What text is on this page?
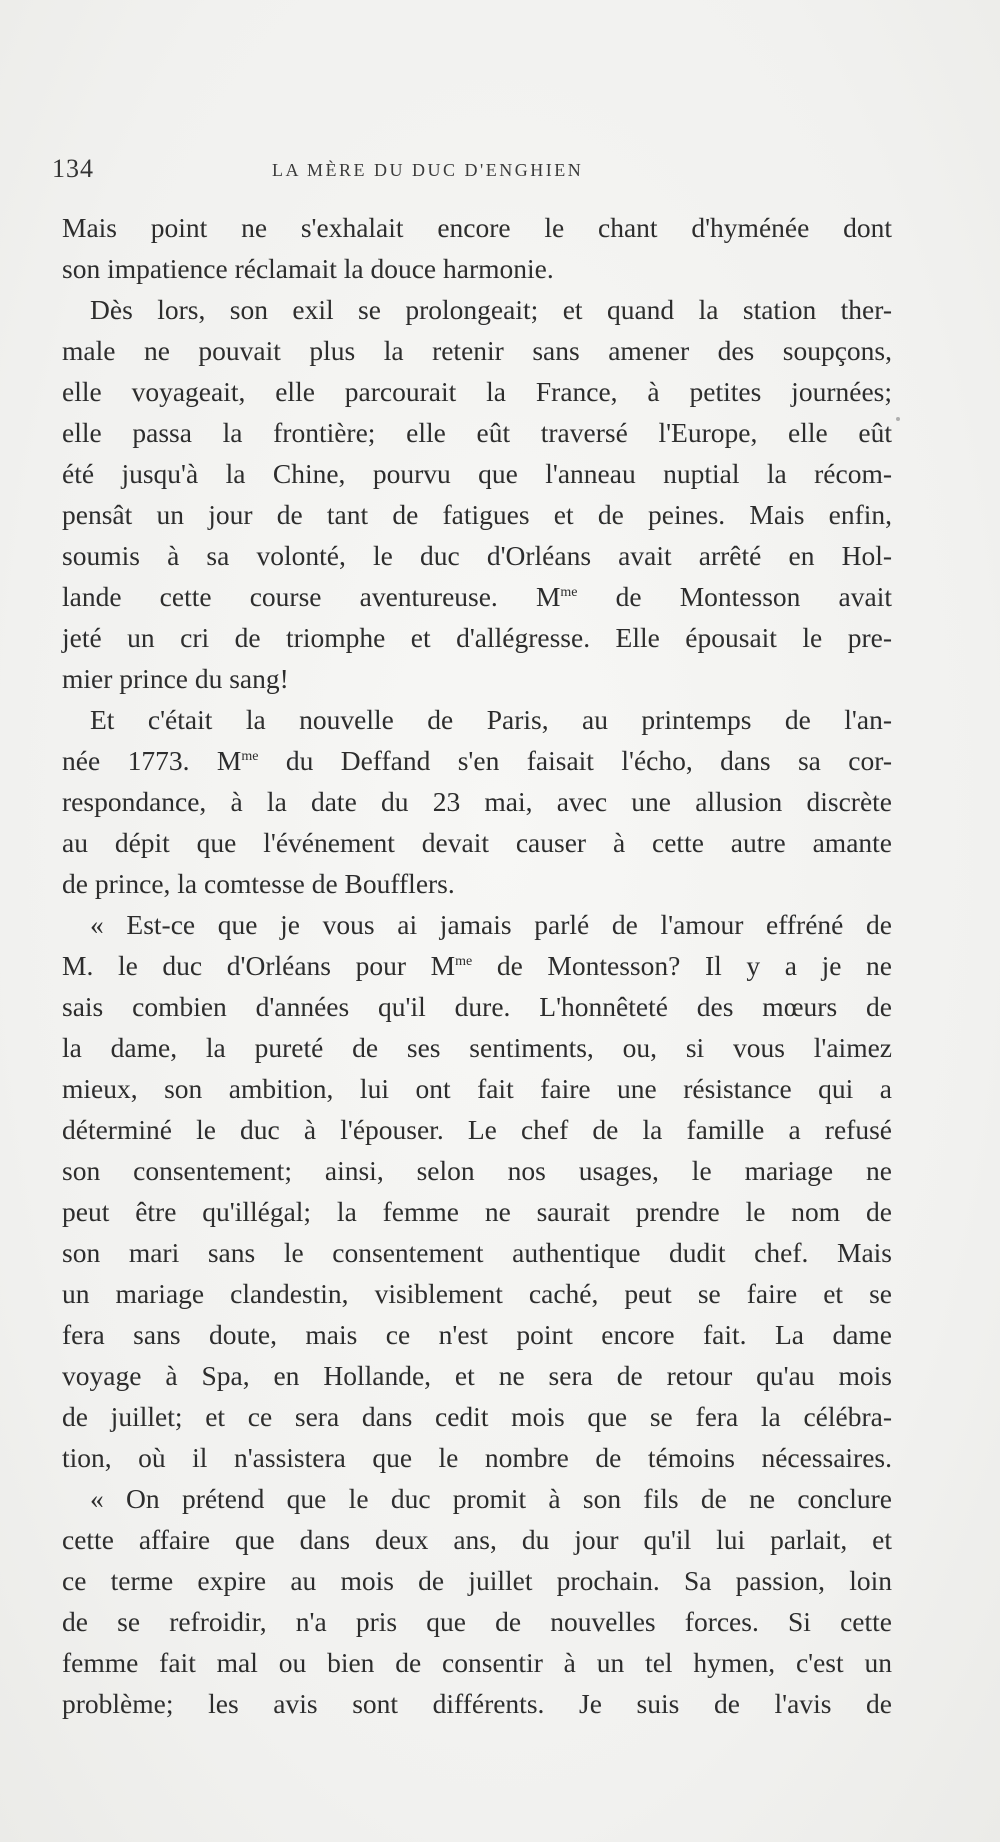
134	LA MÈRE DU DUC D'ENGHIEN
Mais point ne s'exhalait encore le chant d'hyménée dont
son impatience réclamait la douce harmonie.
Dès lors, son exil se prolongeait; et quand la station ther-
male ne pouvait plus la retenir sans amener des soupçons,
elle voyageait, elle parcourait la France, à petites journées;
elle passa la frontière; elle eût traversé l'Europe, elle eût
été jusqu'à la Chine, pourvu que l'anneau nuptial la récom-
pensât un jour de tant de fatigues et de peines. Mais enfin,
soumis à sa volonté, le duc d'Orléans avait arrêté en Hol-
lande cette course aventureuse. $M^{me}$ de Montesson avait
jeté un cri de triomphe et d'allégresse. Elle épousait le pre-
mier prince du sang!
Et c'était la nouvelle de Paris, au printemps de l'an-
née 1773. $M^{me}$ du Deffand s'en faisait l'écho, dans sa cor-
respondance, à la date du 23 mai, avec une allusion discrète
au dépit que l'événement devait causer à cette autre amante
de prince, la comtesse de Boufflers.
« Est-ce que je vous ai jamais parlé de l'amour effréné de
M. le duc d'Orléans pour $M^{me}$ de Montesson? Il y a je ne
sais combien d'années qu'il dure. L'honnêteté des mœurs de
la dame, la pureté de ses sentiments, ou, si vous l'aimez
mieux, son ambition, lui ont fait faire une résistance qui a
déterminé le duc à l'épouser. Le chef de la famille a refusé
son consentement; ainsi, selon nos usages, le mariage ne
peut être qu'illégal; la femme ne saurait prendre le nom de
son mari sans le consentement authentique dudit chef. Mais
un mariage clandestin, visiblement caché, peut se faire et se
fera sans doute, mais ce n'est point encore fait. La dame
voyage à Spa, en Hollande, et ne sera de retour qu'au mois
de juillet; et ce sera dans cedit mois que se fera la célébra-
tion, où il n'assistera que le nombre de témoins nécessaires.
« On prétend que le duc promit à son fils de ne conclure
cette affaire que dans deux ans, du jour qu'il lui parlait, et
ce terme expire au mois de juillet prochain. Sa passion, loin
de se refroidir, n'a pris que de nouvelles forces. Si cette
femme fait mal ou bien de consentir à un tel hymen, c'est un
problème; les avis sont différents. Je suis de l'avis de
